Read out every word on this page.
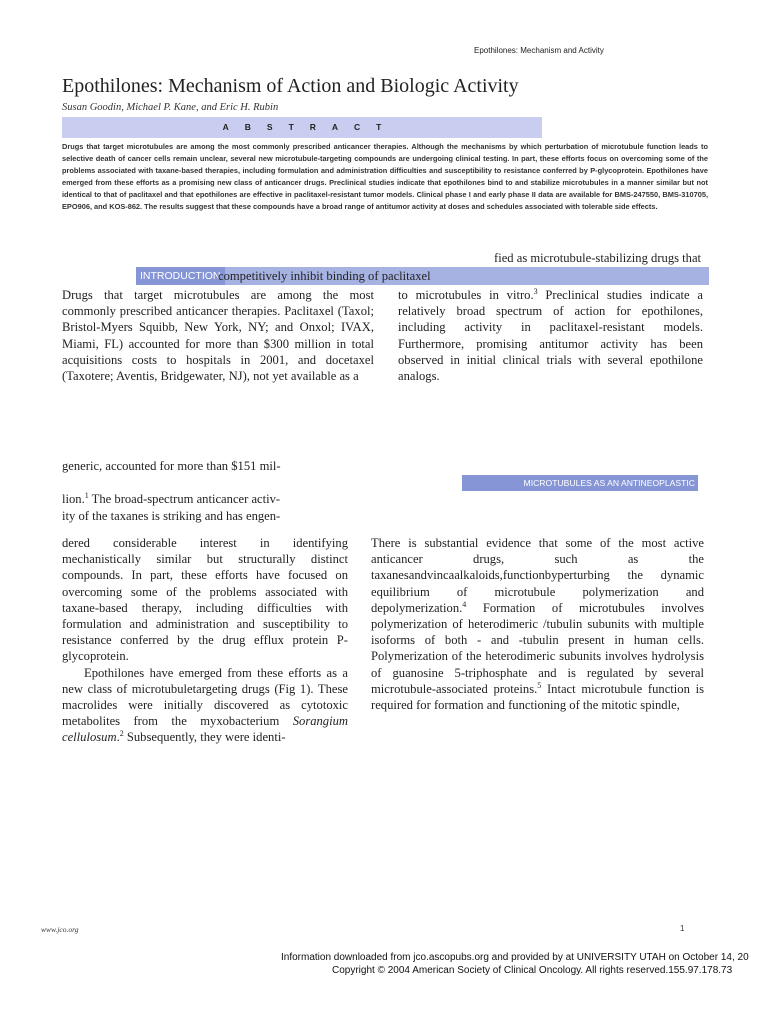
Epothilones: Mechanism and Activity
Epothilones: Mechanism of Action and Biologic Activity
Susan Goodin, Michael P. Kane, and Eric H. Rubin
ABSTRACT

Drugs that target microtubules are among the most commonly prescribed anticancer therapies. Although the mechanisms by which perturbation of microtubule function leads to selective death of cancer cells remain unclear, several new microtubule-targeting compounds are undergoing clinical testing. In part, these efforts focus on overcoming some of the problems associated with taxane-based therapies, including formulation and administration difficulties and susceptibility to resistance conferred by P-glycoprotein. Epothilones have emerged from these efforts as a promising new class of anticancer drugs. Preclinical studies indicate that epothilones bind to and stabilize microtubules in a manner similar but not identical to that of paclitaxel and that epothilones are effective in paclitaxel-resistant tumor models. Clinical phase I and early phase II data are available for BMS-247550, BMS-310705, EPO906, and KOS-862. The results suggest that these compounds have a broad range of antitumor activity at doses and schedules associated with tolerable side effects.

fied as microtubule-stabilizing drugs that
INTRODUCTION
competitively inhibit binding of paclitaxel

Drugs that target microtubules are among the most commonly prescribed anticancer therapies. Paclitaxel (Taxol; Bristol-Myers Squibb, New York, NY; and Onxol; IVAX, Miami, FL) accounted for more than $300 million in total acquisitions costs to hospitals in 2001, and docetaxel (Taxotere; Aventis, Bridgewater, NJ), not yet available as a

to microtubules in vitro.$^3$ Preclinical studies indicate a relatively broad spectrum of action for epothilones, including activity in paclitaxel-resistant models. Furthermore, promising antitumor activity has been observed in initial clinical trials with several epothilone analogs.

generic, accounted for more than $151 mil-
MICROTUBULES AS AN ANTINEOPLASTIC
lion.$^1$ The broad-spectrum anticancer activ-
ity of the taxanes is striking and has engen-

dered considerable interest in identifying mechanistically similar but structurally distinct compounds. In part, these efforts have focused on overcoming some of the problems associated with taxane-based therapy, including difficulties with formulation and administration and susceptibility to resistance conferred by the drug efflux protein P-glycoprotein.

Epothilones have emerged from these efforts as a new class of microtubuletargeting drugs (Fig 1). These macrolides were initially discovered as cytotoxic metabolites from the myxobacterium Sorangium cellulosum.$^2$ Subsequently, they were identi-

There is substantial evidence that some of the most active anticancer drugs, such as the taxanesandvincaalkaloids,functionbyperturbing the dynamic equilibrium of microtubule polymerization and depolymerization.$^4$ Formation of microtubules involves polymerization of heterodimeric /tubulin subunits with multiple isoforms of both - and -tubulin present in human cells. Polymerization of the heterodimeric subunits involves hydrolysis of guanosine 5-triphosphate and is regulated by several microtubule-associated proteins.$^5$ Intact microtubule function is required for formation and functioning of the mitotic spindle,

www.jco.org	1
Information downloaded from jco.ascopubs.org and provided by at UNIVERSITY UTAH on October 14, 20
Copyright © 2004 American Society of Clinical Oncology. All rights reserved.155.97.178.73
